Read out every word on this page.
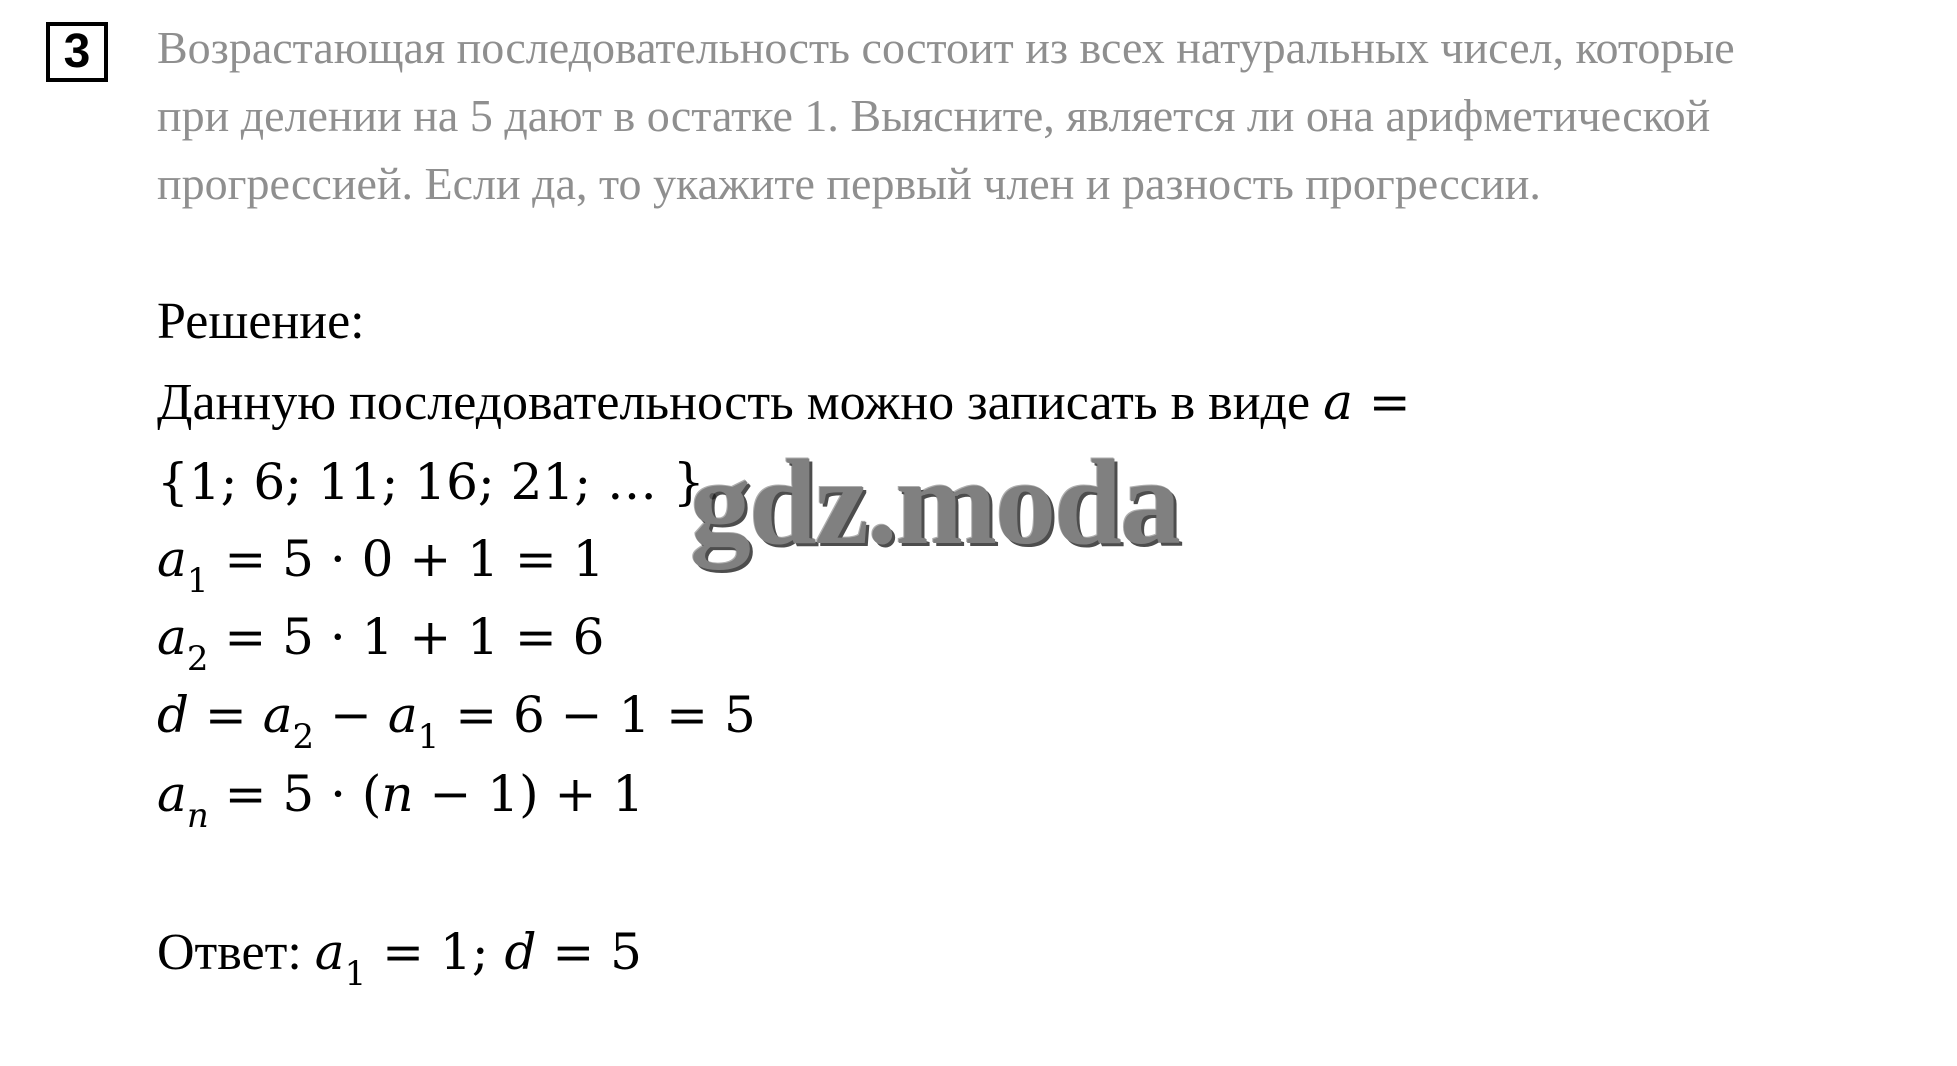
3	Возрастающая последовательность состоит из всех натуральных чисел, которые
при делении на 5 дают в остатке 1. Выясните, является ли она арифметической
прогрессией. Если да, то укажите первый член и разность прогрессии.

Решение:
Данную последовательность можно записать в виде a =
{1; 6; 11; 16; 21; … }.
$a_1 = 5 \cdot 0 + 1 = 1$
$a_2 = 5 \cdot 1 + 1 = 6$
$d = a_2 - a_1 = 6 - 1 = 5$
$a_n = 5 \cdot (n - 1) + 1$
Ответ: $a_1 = 1$; d = 5
gdz.moda
